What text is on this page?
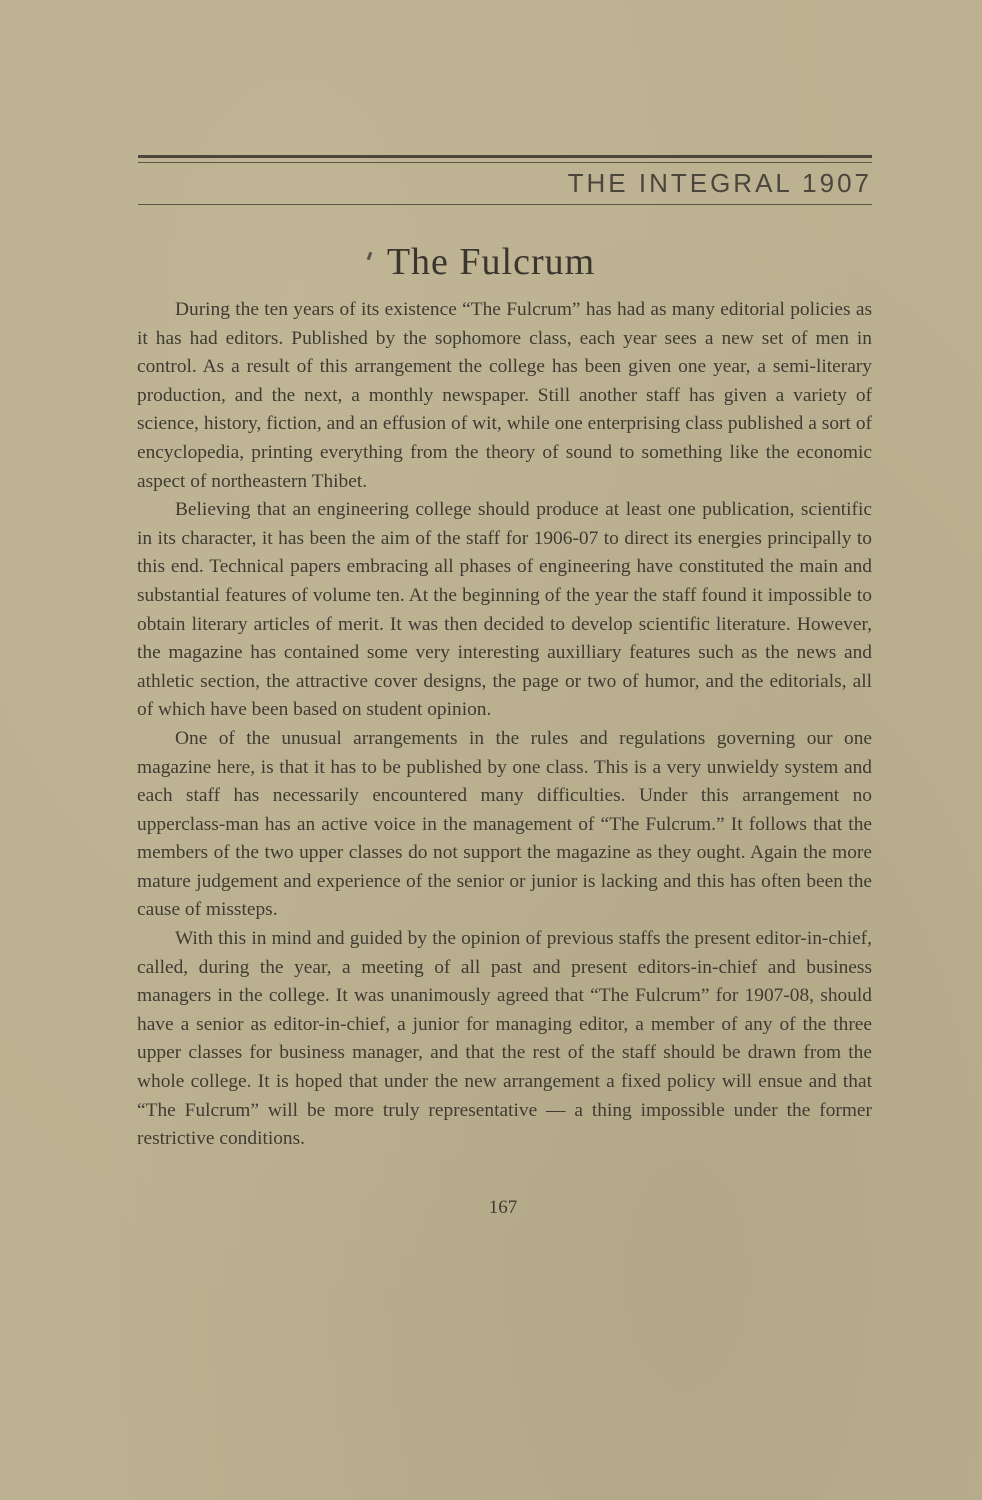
THE INTEGRAL 1907
The Fulcrum

During the ten years of its existence “The Fulcrum” has had as many editorial policies as it has had editors. Published by the sophomore class, each year sees a new set of men in control. As a result of this arrangement the college has been given one year, a semi-literary production, and the next, a monthly newspaper. Still another staff has given a variety of science, history, fiction, and an effusion of wit, while one enterprising class published a sort of encyclopedia, printing everything from the theory of sound to something like the economic aspect of northeastern Thibet.

Believing that an engineering college should produce at least one publication, scientific in its character, it has been the aim of the staff for 1906-07 to direct its energies principally to this end. Technical papers embracing all phases of engineering have constituted the main and substantial features of volume ten. At the beginning of the year the staff found it impossible to obtain literary articles of merit. It was then decided to develop scientific literature. However, the magazine has contained some very interesting auxilliary features such as the news and athletic section, the attractive cover designs, the page or two of humor, and the editorials, all of which have been based on student opinion.

One of the unusual arrangements in the rules and regulations governing our one magazine here, is that it has to be published by one class. This is a very unwieldy system and each staff has necessarily encountered many difficulties. Under this arrangement no upperclass-man has an active voice in the management of “The Fulcrum.” It follows that the members of the two upper classes do not support the magazine as they ought. Again the more mature judgement and experience of the senior or junior is lacking and this has often been the cause of missteps.

With this in mind and guided by the opinion of previous staffs the present editor-in-chief, called, during the year, a meeting of all past and present editors-in-chief and business managers in the college. It was unanimously agreed that “The Fulcrum” for 1907-08, should have a senior as editor-in-chief, a junior for managing editor, a member of any of the three upper classes for business manager, and that the rest of the staff should be drawn from the whole college. It is hoped that under the new arrangement a fixed policy will ensue and that “The Fulcrum” will be more truly representative — a thing impossible under the former restrictive conditions.

167
